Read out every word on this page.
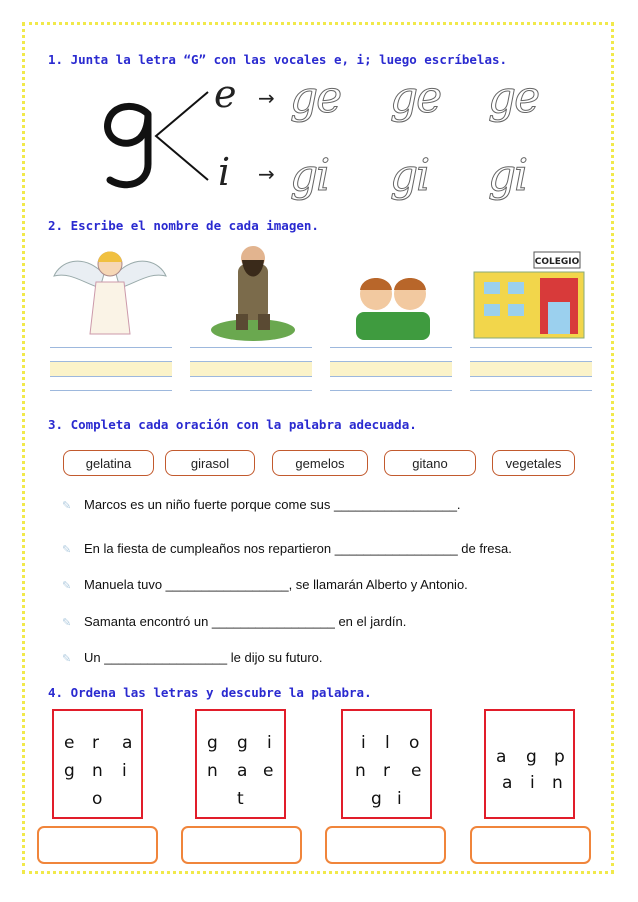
1. Junta la letra “G” con las vocales e, i; luego escríbelas.
e
i
→
→
ge ge ge
gi gi gi
2. Escribe el nombre de cada imagen.
COLEGIO
3. Completa cada oración con la palabra adecuada.
gelatina	girasol	gemelos	gitano	vegetales
✎ Marcos es un niño fuerte porque come sus _________________.
✎ En la fiesta de cumpleaños nos repartieron _________________ de fresa.
✎ Manuela tuvo _________________, se llamarán Alberto y Antonio.
✎ Samanta encontró un _________________ en el jardín.
✎ Un _________________ le dijo su futuro.
4. Ordena las letras y descubre la palabra.
e r a
g n i
o
g g i
n a e
t
i l o
n r e
g i
a g p
a i n
